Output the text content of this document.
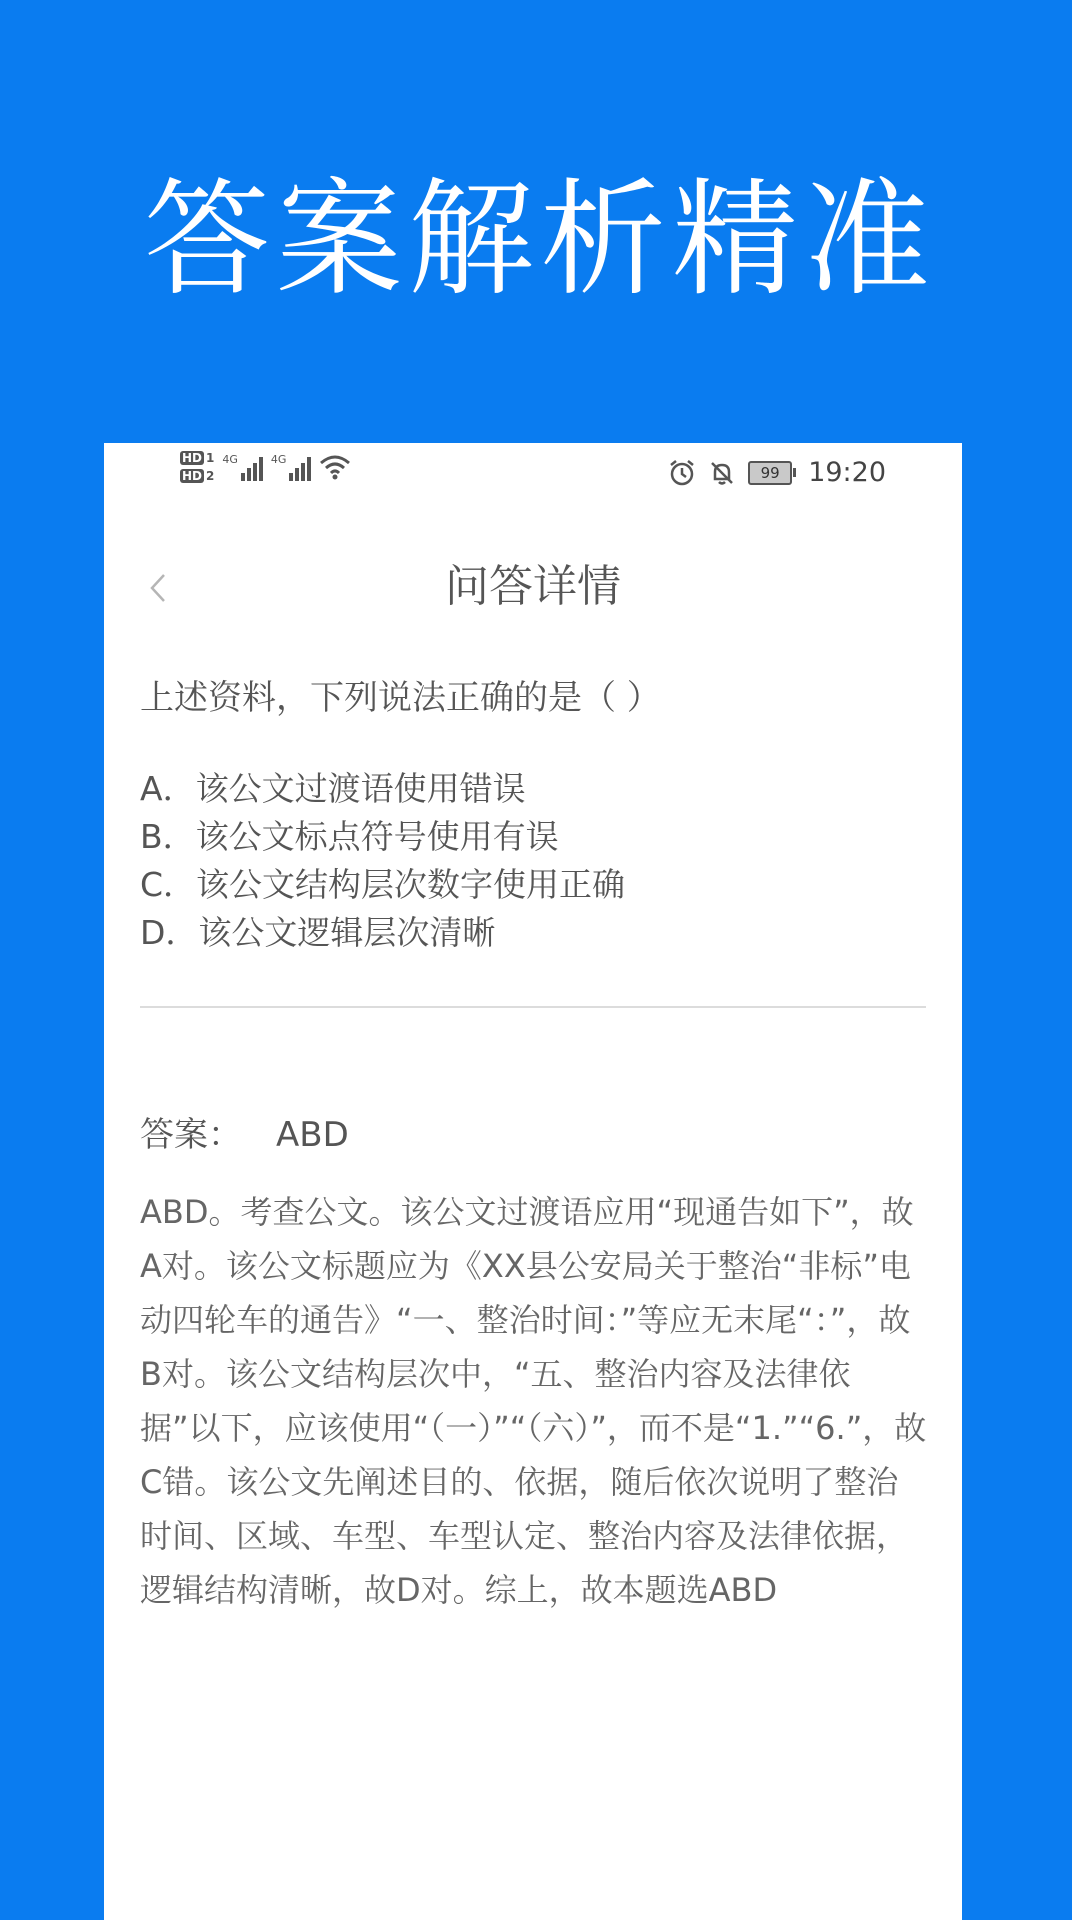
答案解析精准
HD 1
HD 2
4G	4G
99	19:20
问答详情
上述资料，下列说法正确的是（ ）
A．该公文过渡语使用错误
B．该公文标点符号使用有误
C．该公文结构层次数字使用正确
D．该公文逻辑层次清晰
答案： ABD
ABD。考查公文。该公文过渡语应用“现通告如下”，故A对。该公文标题应为《XX县公安局关于整治“非标”电动四轮车的通告》“一、整治时间：”等应无末尾“：”，故B对。该公文结构层次中，“五、整治内容及法律依据”以下，应该使用“（一）”“（六）”，而不是“1.”“6.”，故C错。该公文先阐述目的、依据，随后依次说明了整治时间、区域、车型、车型认定、整治内容及法律依据，逻辑结构清晰，故D对。综上，故本题选ABD
